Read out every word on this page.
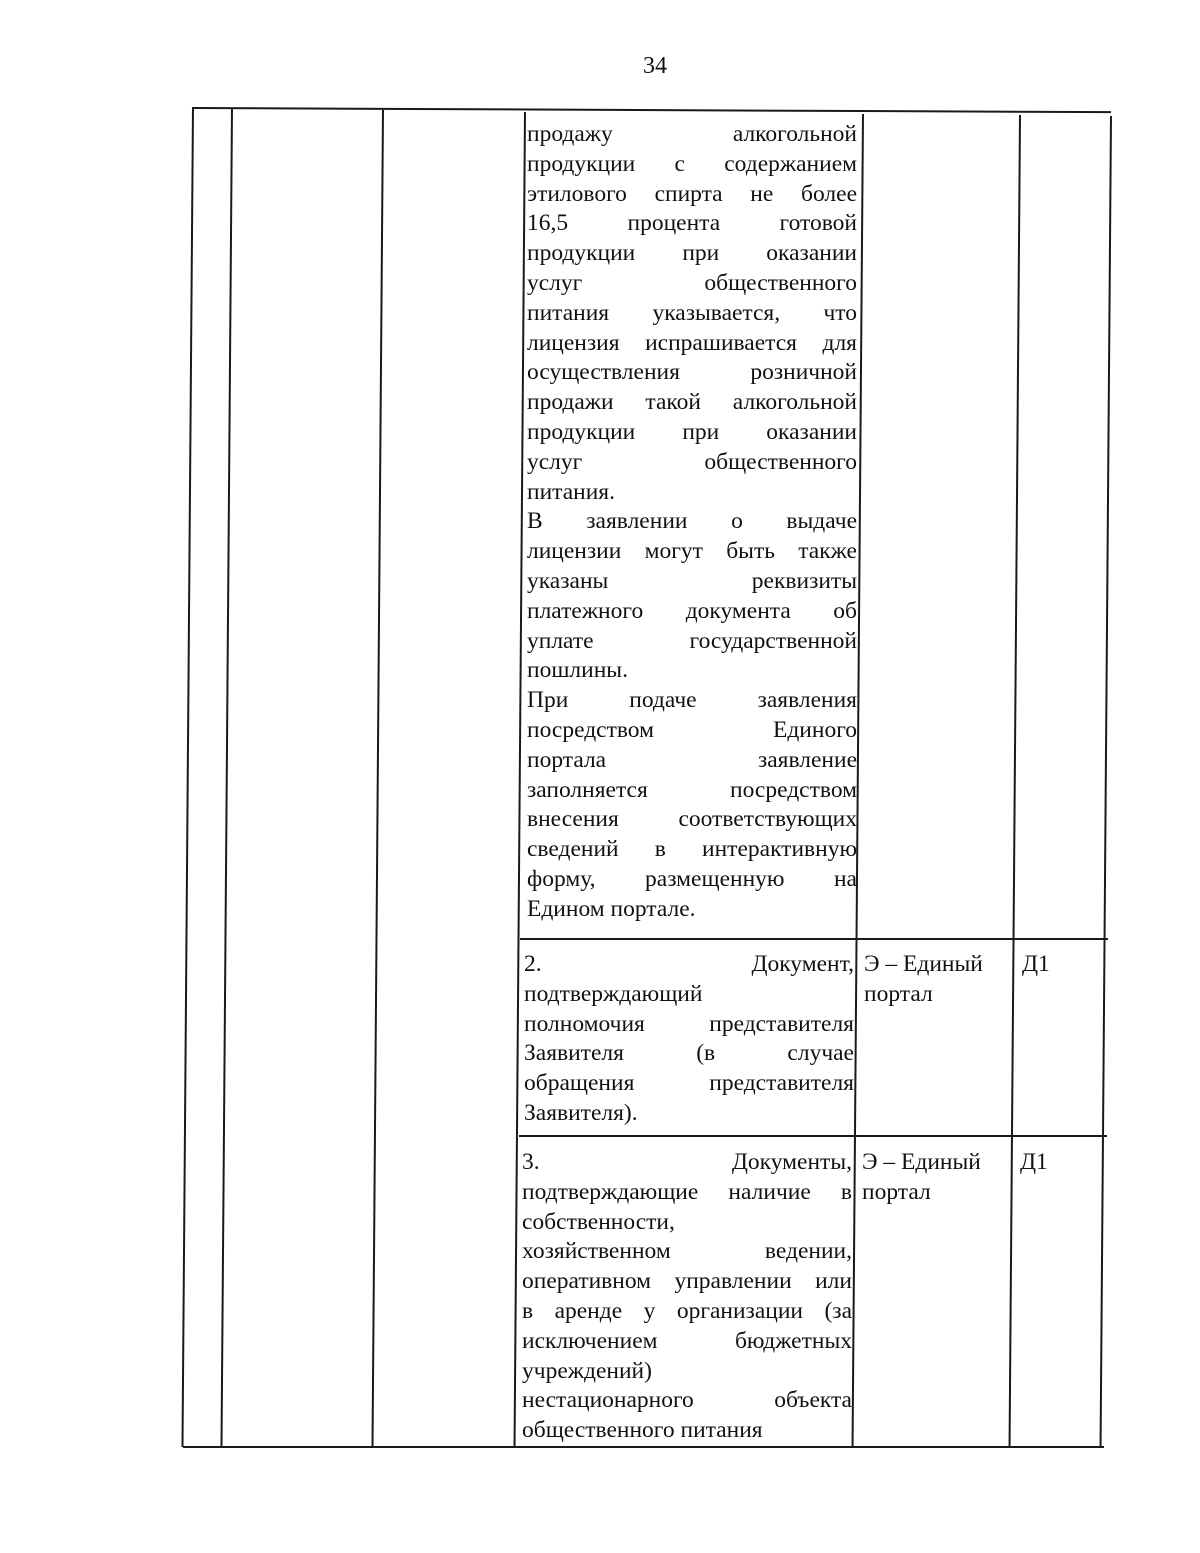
34
продажу алкогольной
продукции с содержанием
этилового спирта не более
16,5 процента готовой
продукции при оказании
услуг общественного
питания указывается, что
лицензия испрашивается для
осуществления розничной
продажи такой алкогольной
продукции при оказании
услуг общественного
питания.
В заявлении о выдаче
лицензии могут быть также
указаны реквизиты
платежного документа об
уплате государственной
пошлины.
При подаче заявления
посредством Единого
портала заявление
заполняется посредством
внесения соответствующих
сведений в интерактивную
форму, размещенную на
Едином портале.
2. Документ,
подтверждающий
полномочия представителя
Заявителя (в случае
обращения представителя
Заявителя).
Э – Единый
портал
Д1
3. Документы,
подтверждающие наличие в
собственности,
хозяйственном ведении,
оперативном управлении или
в аренде у организации (за
исключением бюджетных
учреждений)
нестационарного объекта
общественного питания
Э – Единый
портал
Д1
